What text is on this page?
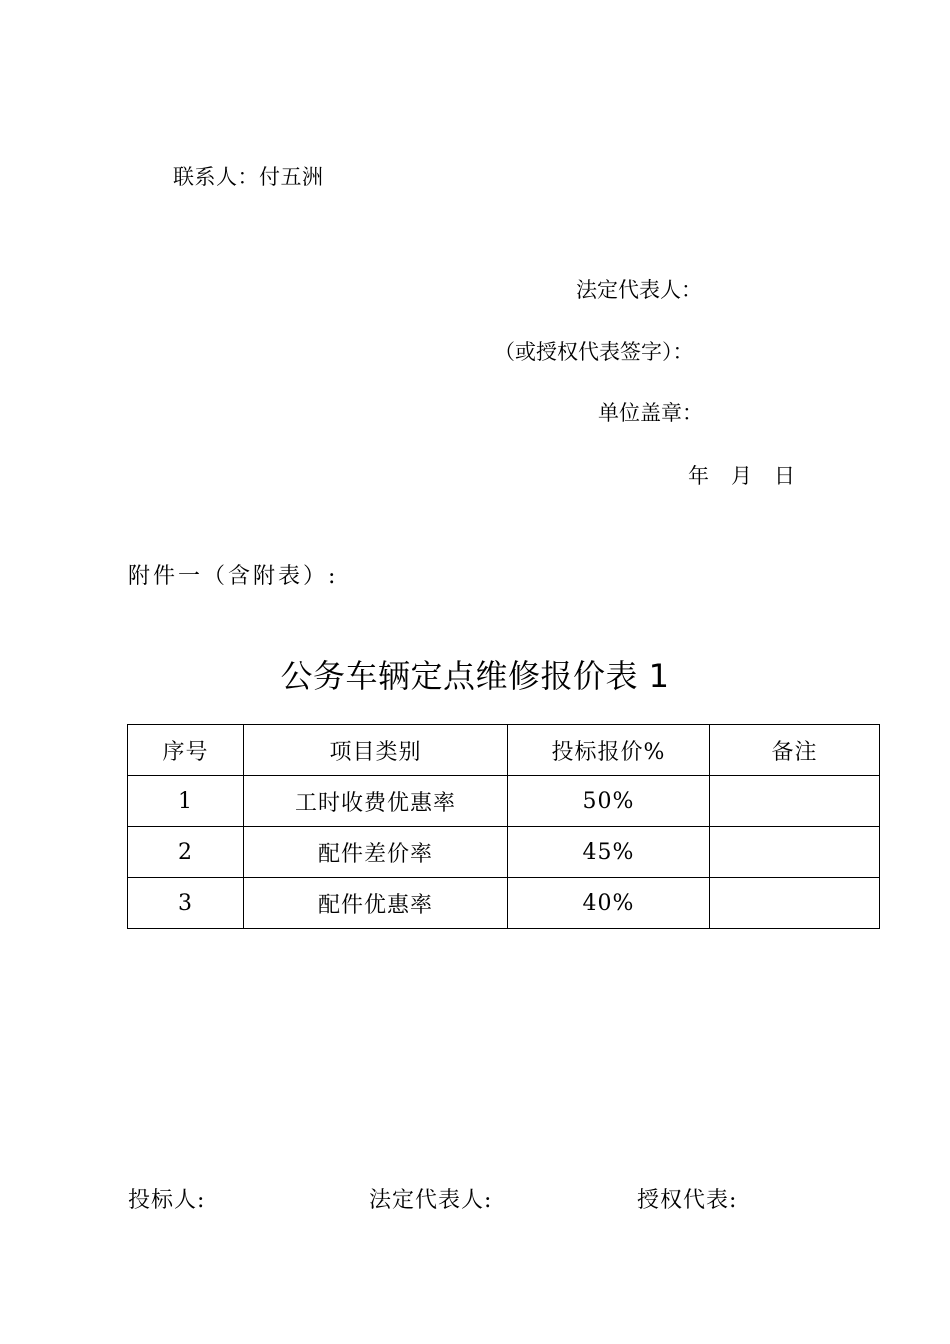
联系人：付五洲
法定代表人：
（或授权代表签字）：
单位盖章：
年 月 日
附件一（含附表）:
公务车辆定点维修报价表 1
序号	项目类别	投标报价%	备注
1	工时收费优惠率	50%	
2	配件差价率	45%	
3	配件优惠率	40%	
投标人:	法定代表人:	授权代表:
